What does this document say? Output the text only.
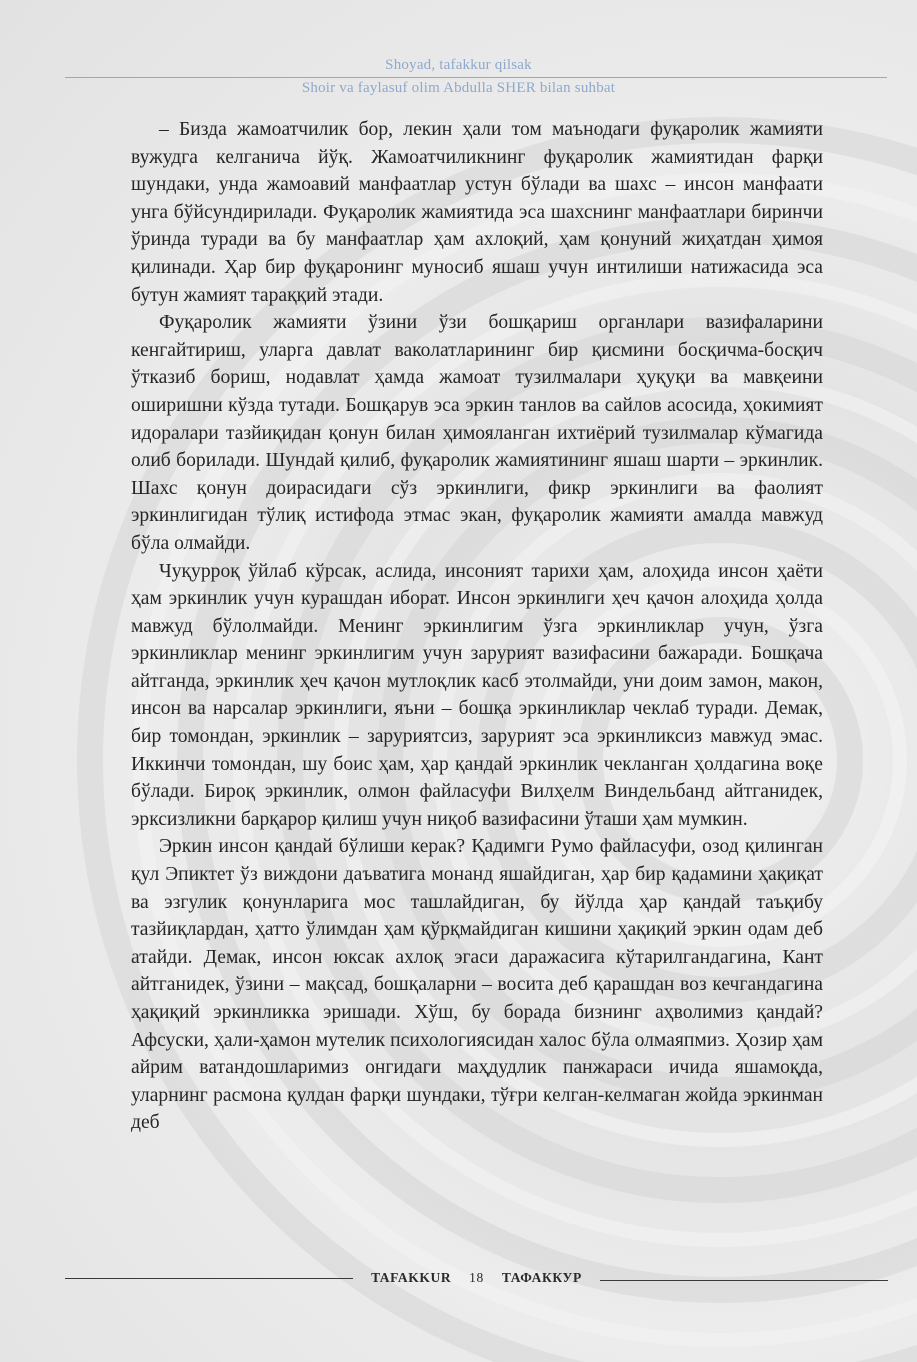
Shoyad, tafakkur qilsak
Shoir va faylasuf olim Abdulla SHER bilan suhbat

– Бизда жамоатчилик бор, лекин ҳали том маънодаги фуқаролик жамияти вужудга келганича йўқ. Жамоатчиликнинг фуқаролик жамиятидан фарқи шундаки, унда жамоавий манфаатлар устун бўлади ва шахс – инсон манфаати унга бўйсундирилади. Фуқаролик жамиятида эса шахснинг манфаатлари биринчи ўринда туради ва бу манфаатлар ҳам ахлоқий, ҳам қонуний жиҳатдан ҳимоя қилинади. Ҳар бир фуқаронинг муносиб яшаш учун интилиши натижасида эса бутун жамият тараққий этади.

Фуқаролик жамияти ўзини ўзи бошқариш органлари вазифаларини кенгайтириш, уларга давлат ваколатларининг бир қисмини босқичма-босқич ўтказиб бориш, нодавлат ҳамда жамоат тузилмалари ҳуқуқи ва мавқеини оширишни кўзда тутади. Бошқарув эса эркин танлов ва сайлов асосида, ҳокимият идоралари тазйиқидан қонун билан ҳимояланган ихтиёрий тузилмалар кўмагида олиб борилади. Шундай қилиб, фуқаролик жамиятининг яшаш шарти – эркинлик. Шахс қонун доирасидаги сўз эркинлиги, фикр эркинлиги ва фаолият эркинлигидан тўлиқ истифода этмас экан, фуқаролик жамияти амалда мавжуд бўла олмайди.

Чуқурроқ ўйлаб кўрсак, аслида, инсоният тарихи ҳам, алоҳида инсон ҳаёти ҳам эркинлик учун курашдан иборат. Инсон эркинлиги ҳеч қачон алоҳида ҳолда мавжуд бўлолмайди. Менинг эркинлигим ўзга эркинликлар учун, ўзга эркинликлар менинг эркинлигим учун зарурият вазифасини бажаради. Бошқача айтганда, эркинлик ҳеч қачон мутлоқлик касб этолмайди, уни доим замон, макон, инсон ва нарсалар эркинлиги, яъни – бошқа эркинликлар чеклаб туради. Демак, бир томондан, эркинлик – заруриятсиз, зарурият эса эркинликсиз мавжуд эмас. Иккинчи томондан, шу боис ҳам, ҳар қандай эркинлик чекланган ҳолдагина воқе бўлади. Бироқ эркинлик, олмон файласуфи Вилҳелм Виндельбанд айтганидек, эрксизликни барқарор қилиш учун ниқоб вазифасини ўташи ҳам мумкин.

Эркин инсон қандай бўлиши керак? Қадимги Румо файласуфи, озод қилинган қул Эпиктет ўз виждони даъватига монанд яшайдиган, ҳар бир қадамини ҳақиқат ва эзгулик қонунларига мос ташлайдиган, бу йўлда ҳар қандай таъқибу тазйиқлардан, ҳатто ўлимдан ҳам қўрқмайдиган кишини ҳақиқий эркин одам деб атайди. Демак, инсон юксак ахлоқ эгаси даражасига кўтарилгандагина, Кант айтганидек, ўзини – мақсад, бошқаларни – восита деб қарашдан воз кечгандагина ҳақиқий эркинликка эришади. Хўш, бу борада бизнинг аҳволимиз қандай? Афсуски, ҳали-ҳамон мутелик психологиясидан халос бўла олмаяпмиз. Ҳозир ҳам айрим ватандошларимиз онгидаги маҳдудлик панжараси ичида яшамоқда, уларнинг расмона қулдан фарқи шундаки, тўғри келган-келмаган жойда эркинман деб

TAFAKKUR 18 ТАФАККУР
